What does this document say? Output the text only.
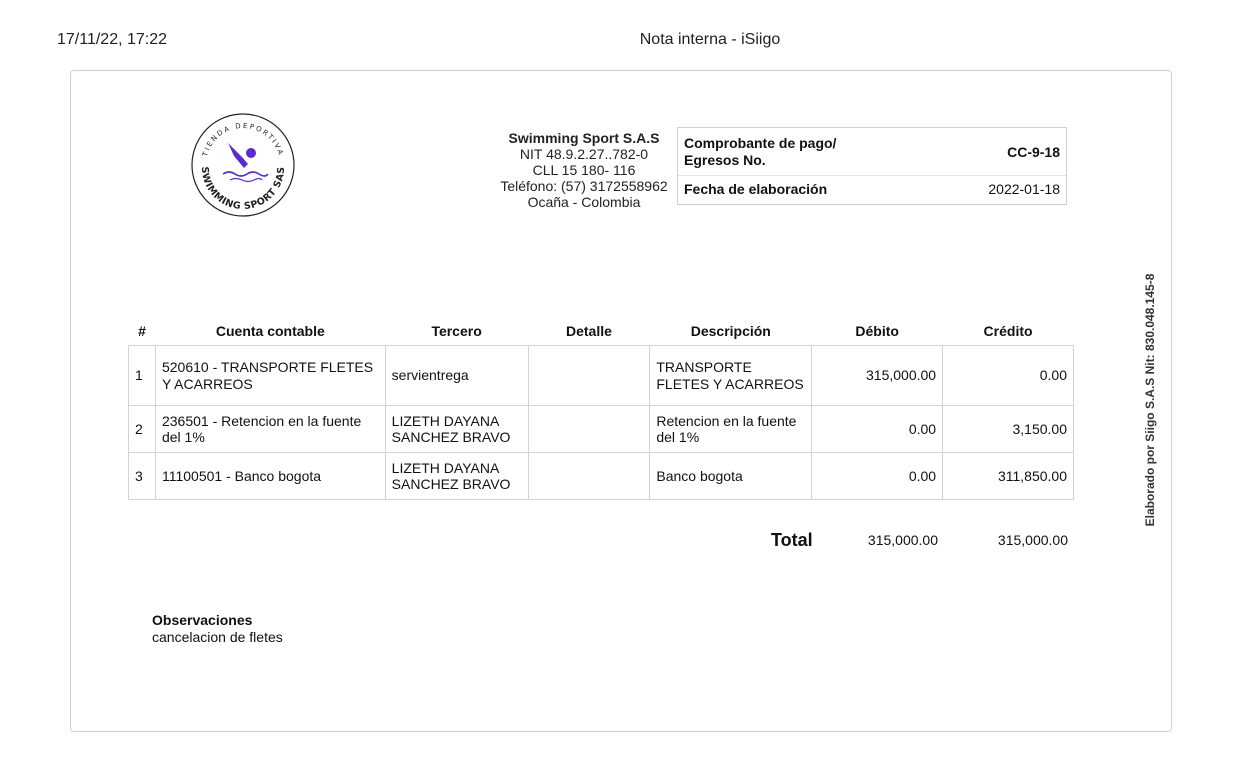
17/11/22, 17:22	Nota interna - iSiigo
TIENDA DEPORTIVA
SWIMMING SPORT SAS
Swimming Sport S.A.S
NIT 48.9.2.27..782-0
CLL 15 180- 116
Teléfono: (57) 3172558962
Ocaña - Colombia
Comprobante de pago/
Egresos No.	CC-9-18
Fecha de elaboración	2022-01-18
#	Cuenta contable	Tercero	Detalle	Descripción	Débito	Crédito
1	520610 - TRANSPORTE FLETES Y ACARREOS	servientrega		TRANSPORTE FLETES Y ACARREOS	315,000.00	0.00
2	236501 - Retencion en la fuente del 1%	LIZETH DAYANA SANCHEZ BRAVO		Retencion en la fuente del 1%	0.00	3,150.00
3	11100501 - Banco bogota	LIZETH DAYANA SANCHEZ BRAVO		Banco bogota	0.00	311,850.00
Total	315,000.00	315,000.00
Observaciones
cancelacion de fletes
Elaborado por Siigo S.A.S Nit: 830.048.145-8
